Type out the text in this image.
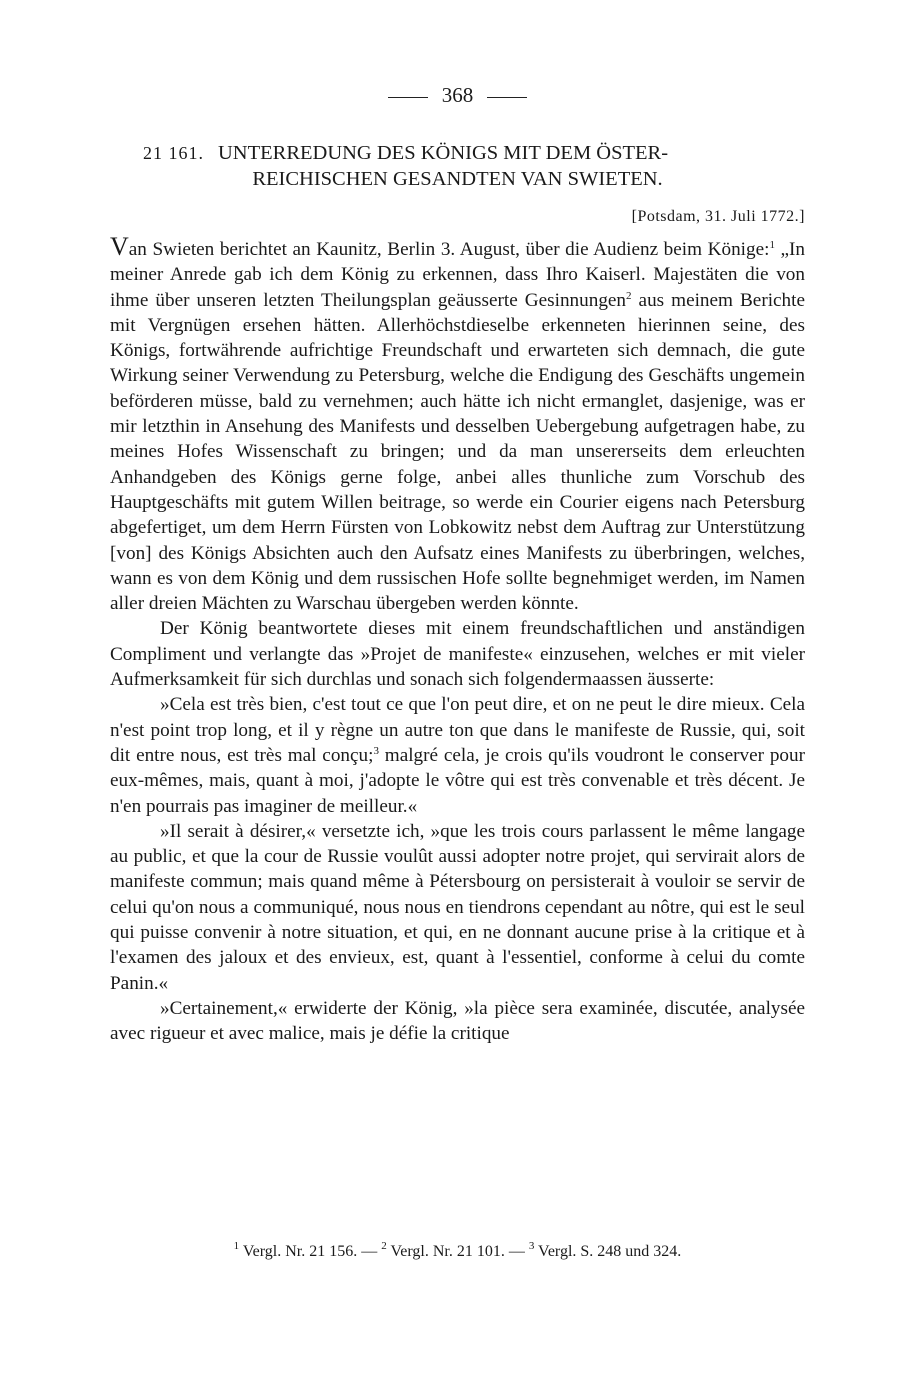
368
21 161. UNTERREDUNG DES KÖNIGS MIT DEM ÖSTER-
REICHISCHEN GESANDTEN VAN SWIETEN.
[Potsdam, 31. Juli 1772.]

Van Swieten berichtet an Kaunitz, Berlin 3. August, über die Audienz beim Könige:$^1$ „In meiner Anrede gab ich dem König zu erkennen, dass Ihro Kaiserl. Majestäten die von ihme über unseren letzten Theilungsplan geäusserte Gesinnungen$^2$ aus meinem Berichte mit Vergnügen ersehen hätten. Allerhöchstdieselbe erkenneten hierinnen seine, des Königs, fortwährende aufrichtige Freundschaft und erwarteten sich demnach, die gute Wirkung seiner Verwendung zu Petersburg, welche die Endigung des Geschäfts ungemein beförderen müsse, bald zu vernehmen; auch hätte ich nicht ermanglet, dasjenige, was er mir letzthin in Ansehung des Manifests und desselben Uebergebung aufgetragen habe, zu meines Hofes Wissenschaft zu bringen; und da man unsererseits dem erleuchten Anhandgeben des Königs gerne folge, anbei alles thunliche zum Vorschub des Hauptgeschäfts mit gutem Willen beitrage, so werde ein Courier eigens nach Petersburg abgefertiget, um dem Herrn Fürsten von Lobkowitz nebst dem Auftrag zur Unterstützung [von] des Königs Absichten auch den Aufsatz eines Manifests zu überbringen, welches, wann es von dem König und dem russischen Hofe sollte begnehmiget werden, im Namen aller dreien Mächten zu Warschau übergeben werden könnte.

Der König beantwortete dieses mit einem freundschaftlichen und anständigen Compliment und verlangte das »Projet de manifeste« einzusehen, welches er mit vieler Aufmerksamkeit für sich durchlas und sonach sich folgendermaassen äusserte:

»Cela est très bien, c'est tout ce que l'on peut dire, et on ne peut le dire mieux. Cela n'est point trop long, et il y règne un autre ton que dans le manifeste de Russie, qui, soit dit entre nous, est très mal conçu;$^3$ malgré cela, je crois qu'ils voudront le conserver pour eux-mêmes, mais, quant à moi, j'adopte le vôtre qui est très convenable et très décent. Je n'en pourrais pas imaginer de meilleur.«

»Il serait à désirer,« versetzte ich, »que les trois cours parlassent le même langage au public, et que la cour de Russie voulût aussi adopter notre projet, qui servirait alors de manifeste commun; mais quand même à Pétersbourg on persisterait à vouloir se servir de celui qu'on nous a communiqué, nous nous en tiendrons cependant au nôtre, qui est le seul qui puisse convenir à notre situation, et qui, en ne donnant aucune prise à la critique et à l'examen des jaloux et des envieux, est, quant à l'essentiel, conforme à celui du comte Panin.«

»Certainement,« erwiderte der König, »la pièce sera examinée, discutée, analysée avec rigueur et avec malice, mais je défie la critique

$^1$ Vergl. Nr. 21 156. — $^2$ Vergl. Nr. 21 101. — $^3$ Vergl. S. 248 und 324.
